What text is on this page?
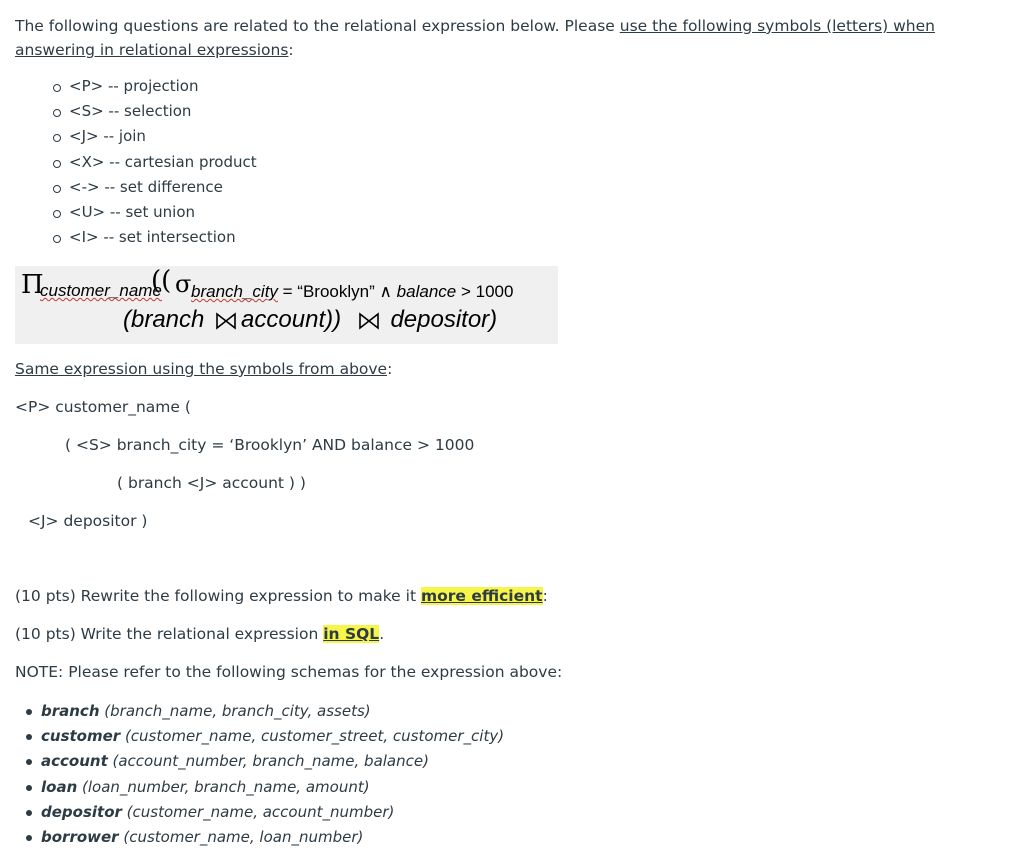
The following questions are related to the relational expression below. Please use the following symbols (letters) when answering in relational expressions:

<P> -- projection
<S> -- selection
<J> -- join
<X> -- cartesian product
<-> -- set difference
<U> -- set union
<I> -- set intersection
Π
customer_name
(( σ branch_city = “Brooklyn” ∧ balance > 1000
(branch account)) depositor)
Same expression using the symbols from above:
<P> customer_name (
( <S> branch_city = ‘Brooklyn’ AND balance > 1000
( branch <J> account ) )
<J> depositor )
(10 pts) Rewrite the following expression to make it more efficient:
(10 pts) Write the relational expression in SQL.
NOTE: Please refer to the following schemas for the expression above:
branch (branch_name, branch_city, assets)
customer (customer_name, customer_street, customer_city)
account (account_number, branch_name, balance)
loan (loan_number, branch_name, amount)
depositor (customer_name, account_number)
borrower (customer_name, loan_number)
